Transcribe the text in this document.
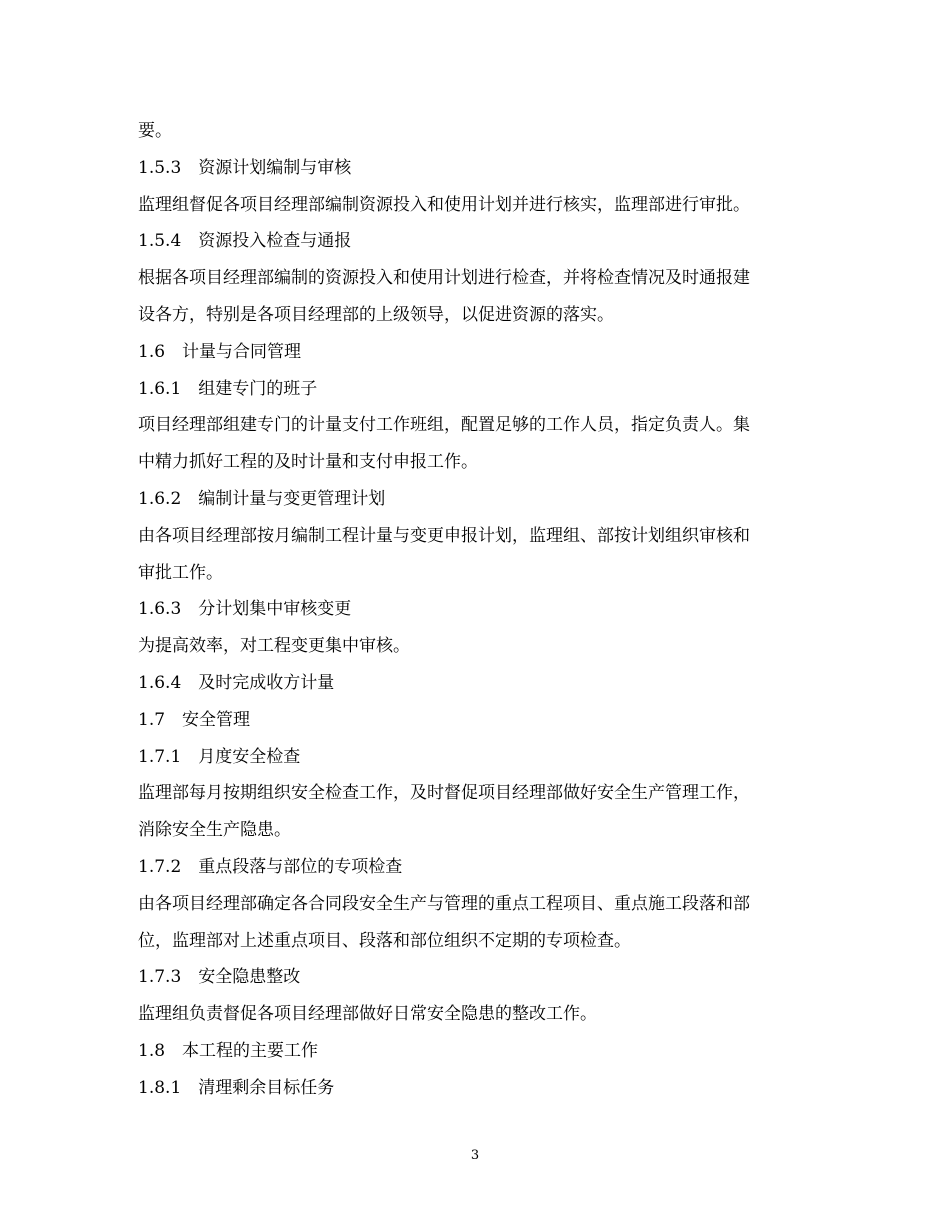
要。
1.5.3　资源计划编制与审核
监理组督促各项目经理部编制资源投入和使用计划并进行核实，监理部进行审批。
1.5.4　资源投入检查与通报
根据各项目经理部编制的资源投入和使用计划进行检查，并将检查情况及时通报建
设各方，特别是各项目经理部的上级领导，以促进资源的落实。
1.6　计量与合同管理
1.6.1　组建专门的班子
项目经理部组建专门的计量支付工作班组，配置足够的工作人员，指定负责人。集
中精力抓好工程的及时计量和支付申报工作。
1.6.2　编制计量与变更管理计划
由各项目经理部按月编制工程计量与变更申报计划，监理组、部按计划组织审核和
审批工作。
1.6.3　分计划集中审核变更
为提高效率，对工程变更集中审核。
1.6.4　及时完成收方计量
1.7　安全管理
1.7.1　月度安全检查
监理部每月按期组织安全检查工作，及时督促项目经理部做好安全生产管理工作，
消除安全生产隐患。
1.7.2　重点段落与部位的专项检查
由各项目经理部确定各合同段安全生产与管理的重点工程项目、重点施工段落和部
位，监理部对上述重点项目、段落和部位组织不定期的专项检查。
1.7.3　安全隐患整改
监理组负责督促各项目经理部做好日常安全隐患的整改工作。
1.8　本工程的主要工作
1.8.1　清理剩余目标任务
3
